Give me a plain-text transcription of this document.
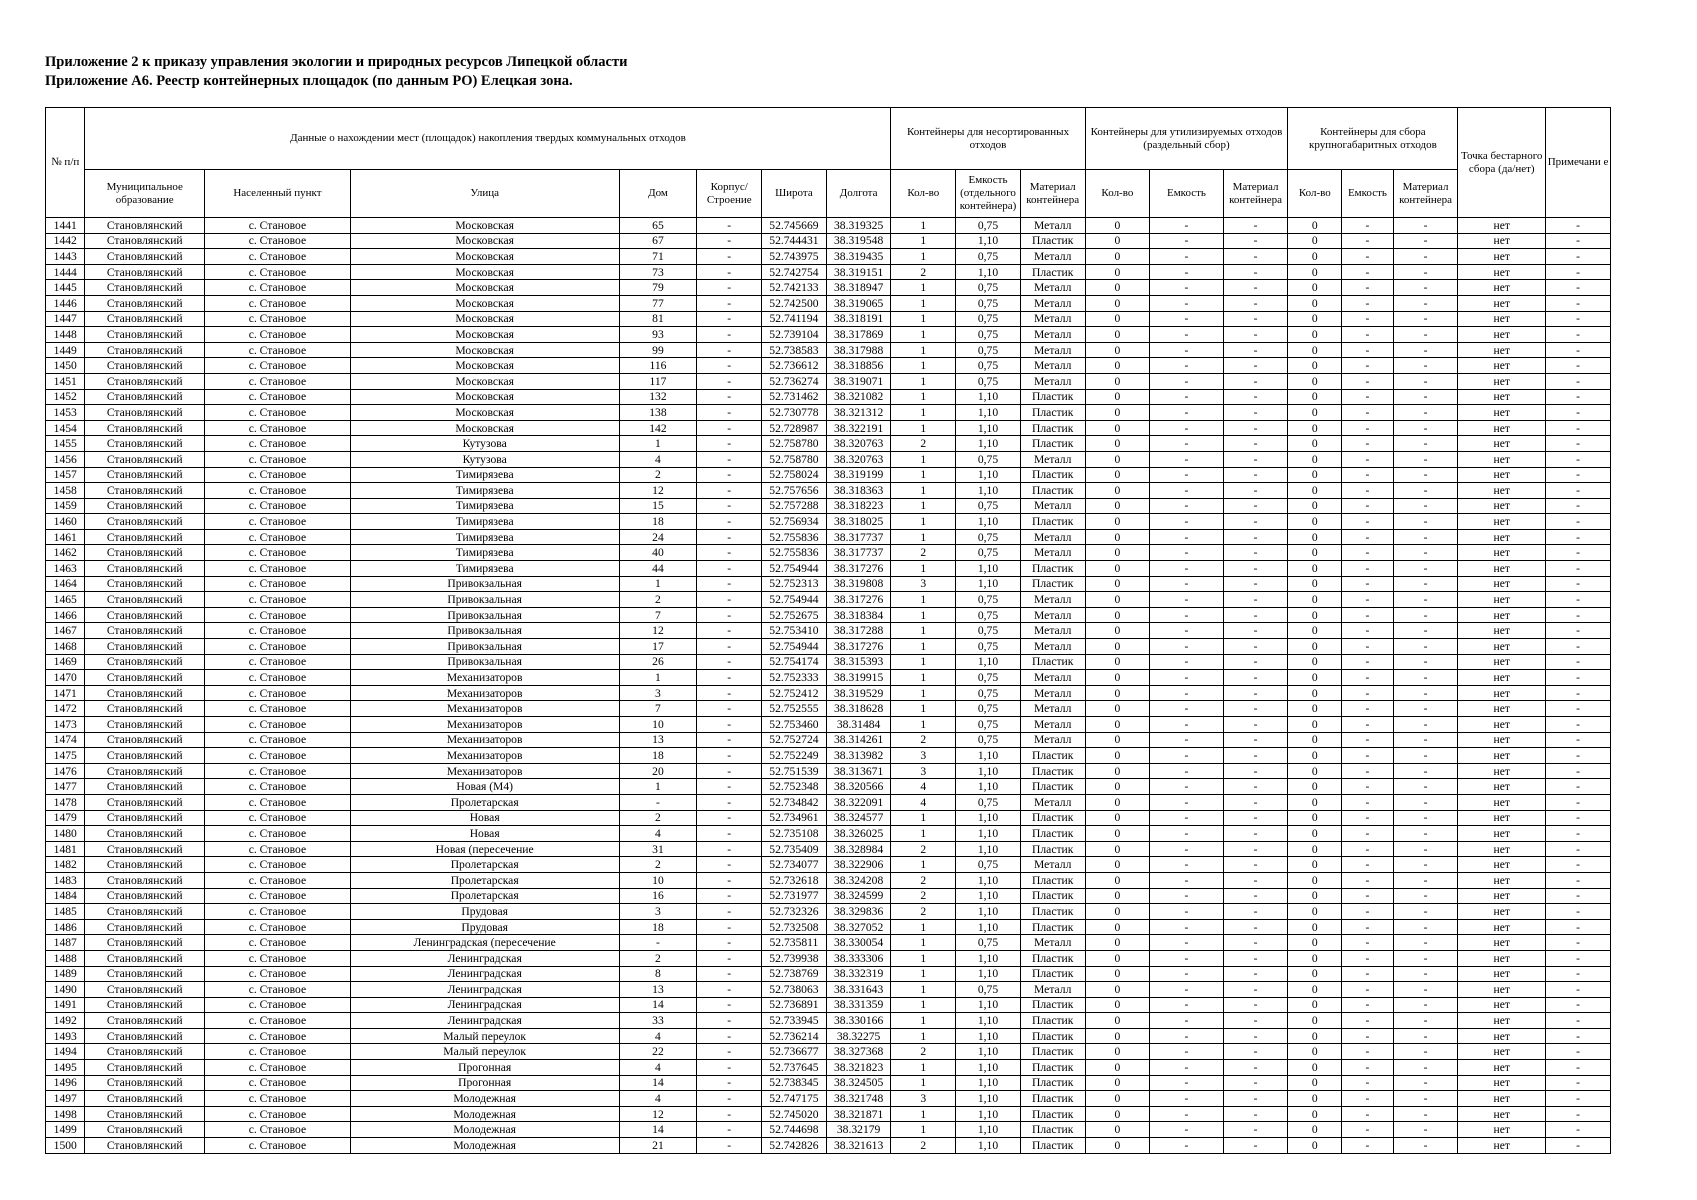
Приложение 2 к приказу управления экологии и природных ресурсов Липецкой области
Приложение А6. Реестр контейнерных площадок (по данным РО) Елецкая зона.
№ п/п	Данные о нахождении мест (площадок) накопления твердых коммунальных отходов							Контейнеры для несортированных отходов			Контейнеры для утилизируемых отходов (раздельный сбор)			Контейнеры для сбора крупногабаритных отходов			Точка бестарного сбора (да/нет)	Примечани е
	Муниципальное образование	Населенный пункт	Улица	Дом	Корпус/ Строение	Широта	Долгота	Кол-во	Емкость (отдельного контейнера)	Материал контейнера	Кол-во	Емкость	Материал контейнера	Кол-во	Емкость	Материал контейнера		
1441	Становлянский	с. Становое	Московская	65	-	52.745669	38.319325	1	0,75	Металл	0	-	-	0	-	-	нет	-
1442	Становлянский	с. Становое	Московская	67	-	52.744431	38.319548	1	1,10	Пластик	0	-	-	0	-	-	нет	-
1443	Становлянский	с. Становое	Московская	71	-	52.743975	38.319435	1	0,75	Металл	0	-	-	0	-	-	нет	-
1444	Становлянский	с. Становое	Московская	73	-	52.742754	38.319151	2	1,10	Пластик	0	-	-	0	-	-	нет	-
1445	Становлянский	с. Становое	Московская	79	-	52.742133	38.318947	1	0,75	Металл	0	-	-	0	-	-	нет	-
1446	Становлянский	с. Становое	Московская	77	-	52.742500	38.319065	1	0,75	Металл	0	-	-	0	-	-	нет	-
1447	Становлянский	с. Становое	Московская	81	-	52.741194	38.318191	1	0,75	Металл	0	-	-	0	-	-	нет	-
1448	Становлянский	с. Становое	Московская	93	-	52.739104	38.317869	1	0,75	Металл	0	-	-	0	-	-	нет	-
1449	Становлянский	с. Становое	Московская	99	-	52.738583	38.317988	1	0,75	Металл	0	-	-	0	-	-	нет	-
1450	Становлянский	с. Становое	Московская	116	-	52.736612	38.318856	1	0,75	Металл	0	-	-	0	-	-	нет	-
1451	Становлянский	с. Становое	Московская	117	-	52.736274	38.319071	1	0,75	Металл	0	-	-	0	-	-	нет	-
1452	Становлянский	с. Становое	Московская	132	-	52.731462	38.321082	1	1,10	Пластик	0	-	-	0	-	-	нет	-
1453	Становлянский	с. Становое	Московская	138	-	52.730778	38.321312	1	1,10	Пластик	0	-	-	0	-	-	нет	-
1454	Становлянский	с. Становое	Московская	142	-	52.728987	38.322191	1	1,10	Пластик	0	-	-	0	-	-	нет	-
1455	Становлянский	с. Становое	Кутузова	1	-	52.758780	38.320763	2	1,10	Пластик	0	-	-	0	-	-	нет	-
1456	Становлянский	с. Становое	Кутузова	4	-	52.758780	38.320763	1	0,75	Металл	0	-	-	0	-	-	нет	-
1457	Становлянский	с. Становое	Тимирязева	2	-	52.758024	38.319199	1	1,10	Пластик	0	-	-	0	-	-	нет	-
1458	Становлянский	с. Становое	Тимирязева	12	-	52.757656	38.318363	1	1,10	Пластик	0	-	-	0	-	-	нет	-
1459	Становлянский	с. Становое	Тимирязева	15	-	52.757288	38.318223	1	0,75	Металл	0	-	-	0	-	-	нет	-
1460	Становлянский	с. Становое	Тимирязева	18	-	52.756934	38.318025	1	1,10	Пластик	0	-	-	0	-	-	нет	-
1461	Становлянский	с. Становое	Тимирязева	24	-	52.755836	38.317737	1	0,75	Металл	0	-	-	0	-	-	нет	-
1462	Становлянский	с. Становое	Тимирязева	40	-	52.755836	38.317737	2	0,75	Металл	0	-	-	0	-	-	нет	-
1463	Становлянский	с. Становое	Тимирязева	44	-	52.754944	38.317276	1	1,10	Пластик	0	-	-	0	-	-	нет	-
1464	Становлянский	с. Становое	Привокзальная	1	-	52.752313	38.319808	3	1,10	Пластик	0	-	-	0	-	-	нет	-
1465	Становлянский	с. Становое	Привокзальная	2	-	52.754944	38.317276	1	0,75	Металл	0	-	-	0	-	-	нет	-
1466	Становлянский	с. Становое	Привокзальная	7	-	52.752675	38.318384	1	0,75	Металл	0	-	-	0	-	-	нет	-
1467	Становлянский	с. Становое	Привокзальная	12	-	52.753410	38.317288	1	0,75	Металл	0	-	-	0	-	-	нет	-
1468	Становлянский	с. Становое	Привокзальная	17	-	52.754944	38.317276	1	0,75	Металл	0	-	-	0	-	-	нет	-
1469	Становлянский	с. Становое	Привокзальная	26	-	52.754174	38.315393	1	1,10	Пластик	0	-	-	0	-	-	нет	-
1470	Становлянский	с. Становое	Механизаторов	1	-	52.752333	38.319915	1	0,75	Металл	0	-	-	0	-	-	нет	-
1471	Становлянский	с. Становое	Механизаторов	3	-	52.752412	38.319529	1	0,75	Металл	0	-	-	0	-	-	нет	-
1472	Становлянский	с. Становое	Механизаторов	7	-	52.752555	38.318628	1	0,75	Металл	0	-	-	0	-	-	нет	-
1473	Становлянский	с. Становое	Механизаторов	10	-	52.753460	38.31484	1	0,75	Металл	0	-	-	0	-	-	нет	-
1474	Становлянский	с. Становое	Механизаторов	13	-	52.752724	38.314261	2	0,75	Металл	0	-	-	0	-	-	нет	-
1475	Становлянский	с. Становое	Механизаторов	18	-	52.752249	38.313982	3	1,10	Пластик	0	-	-	0	-	-	нет	-
1476	Становлянский	с. Становое	Механизаторов	20	-	52.751539	38.313671	3	1,10	Пластик	0	-	-	0	-	-	нет	-
1477	Становлянский	с. Становое	Новая (М4)	1	-	52.752348	38.320566	4	1,10	Пластик	0	-	-	0	-	-	нет	-
1478	Становлянский	с. Становое	Пролетарская	-	-	52.734842	38.322091	4	0,75	Металл	0	-	-	0	-	-	нет	-
1479	Становлянский	с. Становое	Новая	2	-	52.734961	38.324577	1	1,10	Пластик	0	-	-	0	-	-	нет	-
1480	Становлянский	с. Становое	Новая	4	-	52.735108	38.326025	1	1,10	Пластик	0	-	-	0	-	-	нет	-
1481	Становлянский	с. Становое	Новая (пересечение	31	-	52.735409	38.328984	2	1,10	Пластик	0	-	-	0	-	-	нет	-
1482	Становлянский	с. Становое	Пролетарская	2	-	52.734077	38.322906	1	0,75	Металл	0	-	-	0	-	-	нет	-
1483	Становлянский	с. Становое	Пролетарская	10	-	52.732618	38.324208	2	1,10	Пластик	0	-	-	0	-	-	нет	-
1484	Становлянский	с. Становое	Пролетарская	16	-	52.731977	38.324599	2	1,10	Пластик	0	-	-	0	-	-	нет	-
1485	Становлянский	с. Становое	Прудовая	3	-	52.732326	38.329836	2	1,10	Пластик	0	-	-	0	-	-	нет	-
1486	Становлянский	с. Становое	Прудовая	18	-	52.732508	38.327052	1	1,10	Пластик	0	-	-	0	-	-	нет	-
1487	Становлянский	с. Становое	Ленинградская (пересечение	-	-	52.735811	38.330054	1	0,75	Металл	0	-	-	0	-	-	нет	-
1488	Становлянский	с. Становое	Ленинградская	2	-	52.739938	38.333306	1	1,10	Пластик	0	-	-	0	-	-	нет	-
1489	Становлянский	с. Становое	Ленинградская	8	-	52.738769	38.332319	1	1,10	Пластик	0	-	-	0	-	-	нет	-
1490	Становлянский	с. Становое	Ленинградская	13	-	52.738063	38.331643	1	0,75	Металл	0	-	-	0	-	-	нет	-
1491	Становлянский	с. Становое	Ленинградская	14	-	52.736891	38.331359	1	1,10	Пластик	0	-	-	0	-	-	нет	-
1492	Становлянский	с. Становое	Ленинградская	33	-	52.733945	38.330166	1	1,10	Пластик	0	-	-	0	-	-	нет	-
1493	Становлянский	с. Становое	Малый переулок	4	-	52.736214	38.32275	1	1,10	Пластик	0	-	-	0	-	-	нет	-
1494	Становлянский	с. Становое	Малый переулок	22	-	52.736677	38.327368	2	1,10	Пластик	0	-	-	0	-	-	нет	-
1495	Становлянский	с. Становое	Прогонная	4	-	52.737645	38.321823	1	1,10	Пластик	0	-	-	0	-	-	нет	-
1496	Становлянский	с. Становое	Прогонная	14	-	52.738345	38.324505	1	1,10	Пластик	0	-	-	0	-	-	нет	-
1497	Становлянский	с. Становое	Молодежная	4	-	52.747175	38.321748	3	1,10	Пластик	0	-	-	0	-	-	нет	-
1498	Становлянский	с. Становое	Молодежная	12	-	52.745020	38.321871	1	1,10	Пластик	0	-	-	0	-	-	нет	-
1499	Становлянский	с. Становое	Молодежная	14	-	52.744698	38.32179	1	1,10	Пластик	0	-	-	0	-	-	нет	-
1500	Становлянский	с. Становое	Молодежная	21	-	52.742826	38.321613	2	1,10	Пластик	0	-	-	0	-	-	нет	-
